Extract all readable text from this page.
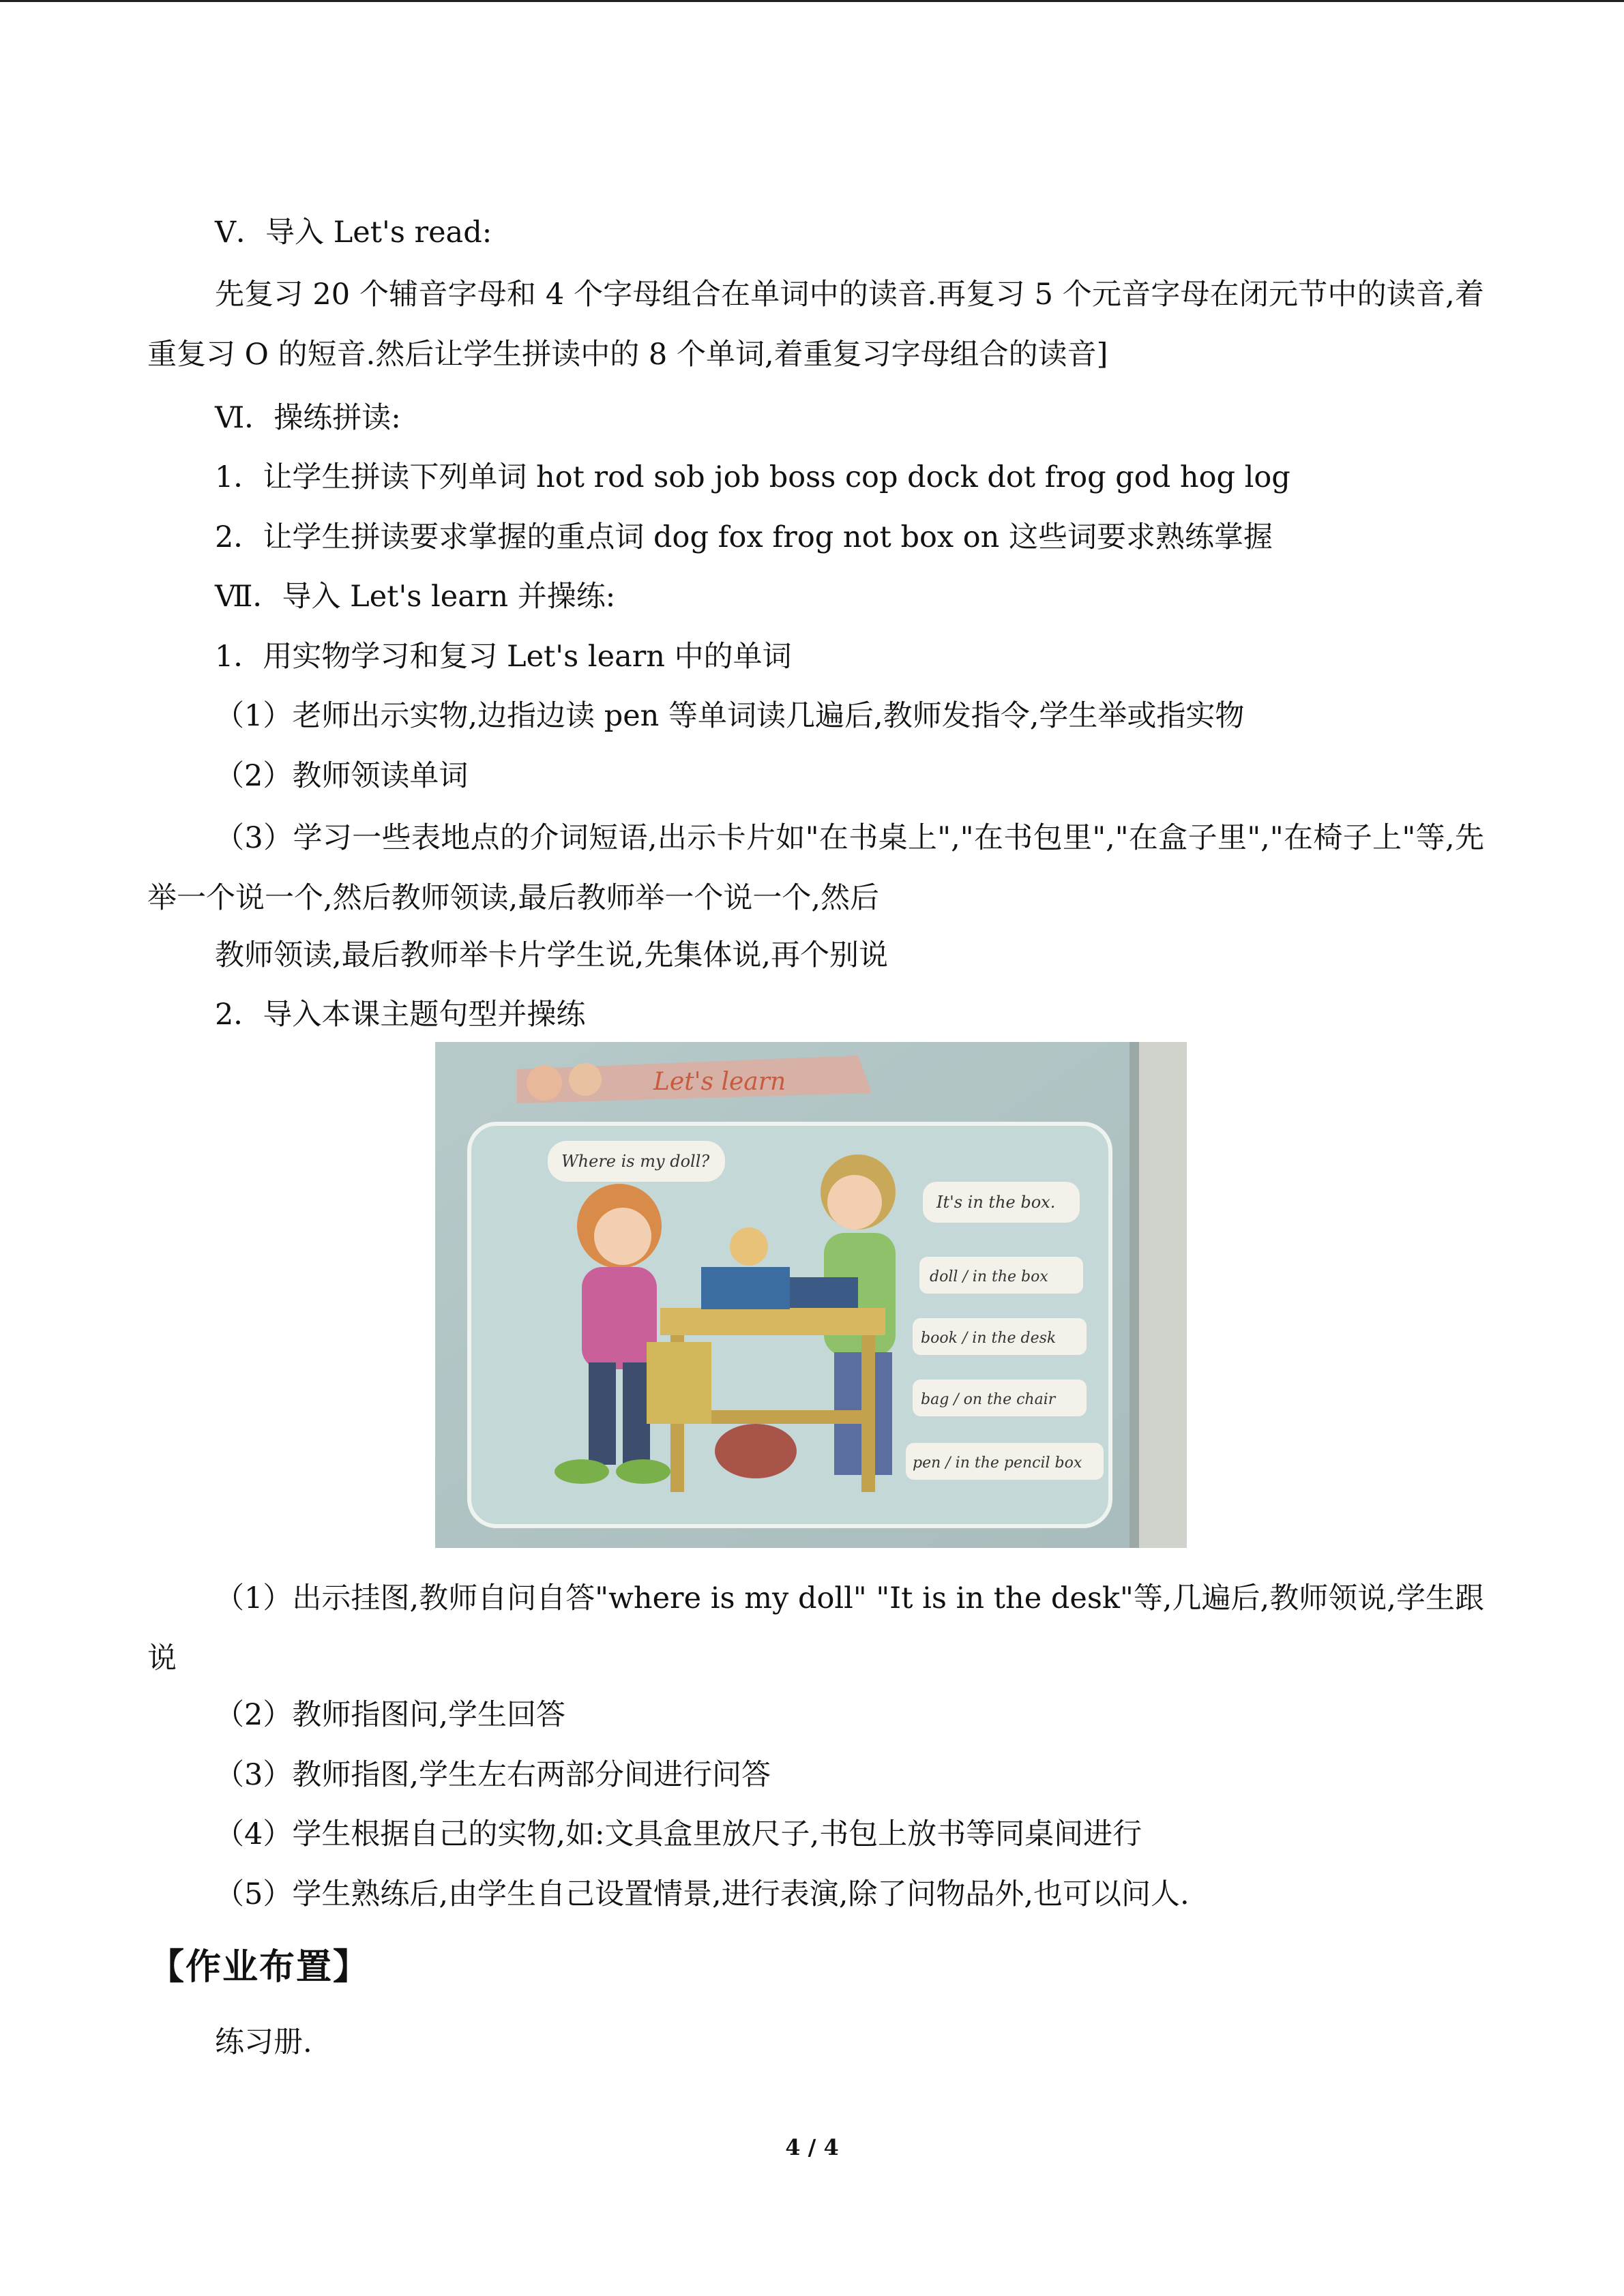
Ⅴ．导入 Let's read:
先复习 20 个辅音字母和 4 个字母组合在单词中的读音.再复习 5 个元音字母在闭元节中的读音,着重复习 O 的短音.然后让学生拼读中的 8 个单词,着重复习字母组合的读音]
Ⅵ．操练拼读:
1．让学生拼读下列单词 hot rod sob job boss cop dock dot frog god hog log
2．让学生拼读要求掌握的重点词 dog fox frog not box on 这些词要求熟练掌握
Ⅶ．导入 Let's learn 并操练:
1．用实物学习和复习 Let's learn 中的单词
（1）老师出示实物,边指边读 pen 等单词读几遍后,教师发指令,学生举或指实物
（2）教师领读单词
（3）学习一些表地点的介词短语,出示卡片如"在书桌上","在书包里","在盒子里","在椅子上"等,先举一个说一个,然后教师领读,最后教师举一个说一个,然后
教师领读,最后教师举卡片学生说,先集体说,再个别说
2．导入本课主题句型并操练
Let's learn
Where is my doll?
It's in the box.
doll / in the box
book / in the desk
bag / on the chair
pen / in the pencil box
（1）出示挂图,教师自问自答"where is my doll" "It is in the desk"等,几遍后,教师领说,学生跟说
（2）教师指图问,学生回答
（3）教师指图,学生左右两部分间进行问答
（4）学生根据自己的实物,如:文具盒里放尺子,书包上放书等同桌间进行
（5）学生熟练后,由学生自己设置情景,进行表演,除了问物品外,也可以问人.
【作业布置】
练习册.
4 / 4
